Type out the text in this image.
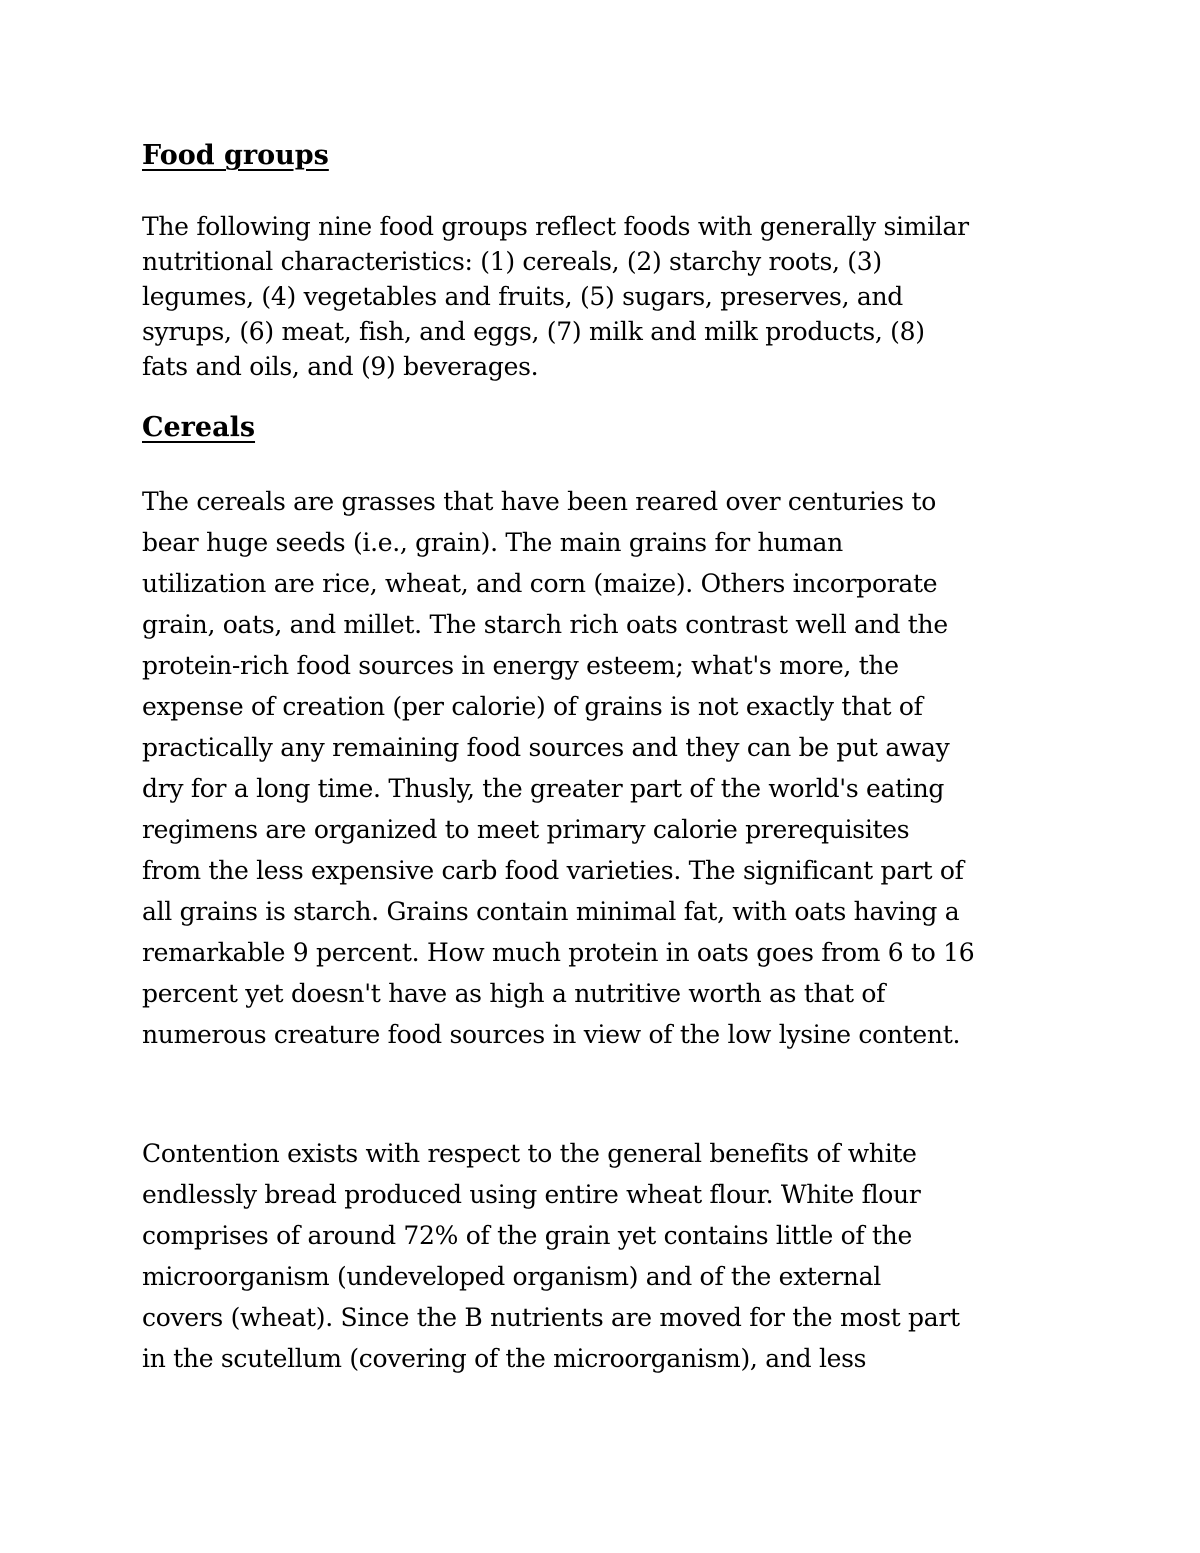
Food groups

The following nine food groups reflect foods with generally similar
nutritional characteristics: (1) cereals, (2) starchy roots, (3)
legumes, (4) vegetables and fruits, (5) sugars, preserves, and
syrups, (6) meat, fish, and eggs, (7) milk and milk products, (8)
fats and oils, and (9) beverages.

Cereals

The cereals are grasses that have been reared over centuries to
bear huge seeds (i.e., grain). The main grains for human
utilization are rice, wheat, and corn (maize). Others incorporate
grain, oats, and millet. The starch rich oats contrast well and the
protein-rich food sources in energy esteem; what's more, the
expense of creation (per calorie) of grains is not exactly that of
practically any remaining food sources and they can be put away
dry for a long time. Thusly, the greater part of the world's eating
regimens are organized to meet primary calorie prerequisites
from the less expensive carb food varieties. The significant part of
all grains is starch. Grains contain minimal fat, with oats having a
remarkable 9 percent. How much protein in oats goes from 6 to 16
percent yet doesn't have as high a nutritive worth as that of
numerous creature food sources in view of the low lysine content.

Contention exists with respect to the general benefits of white
endlessly bread produced using entire wheat flour. White flour
comprises of around 72% of the grain yet contains little of the
microorganism (undeveloped organism) and of the external
covers (wheat). Since the B nutrients are moved for the most part
in the scutellum (covering of the microorganism), and less
